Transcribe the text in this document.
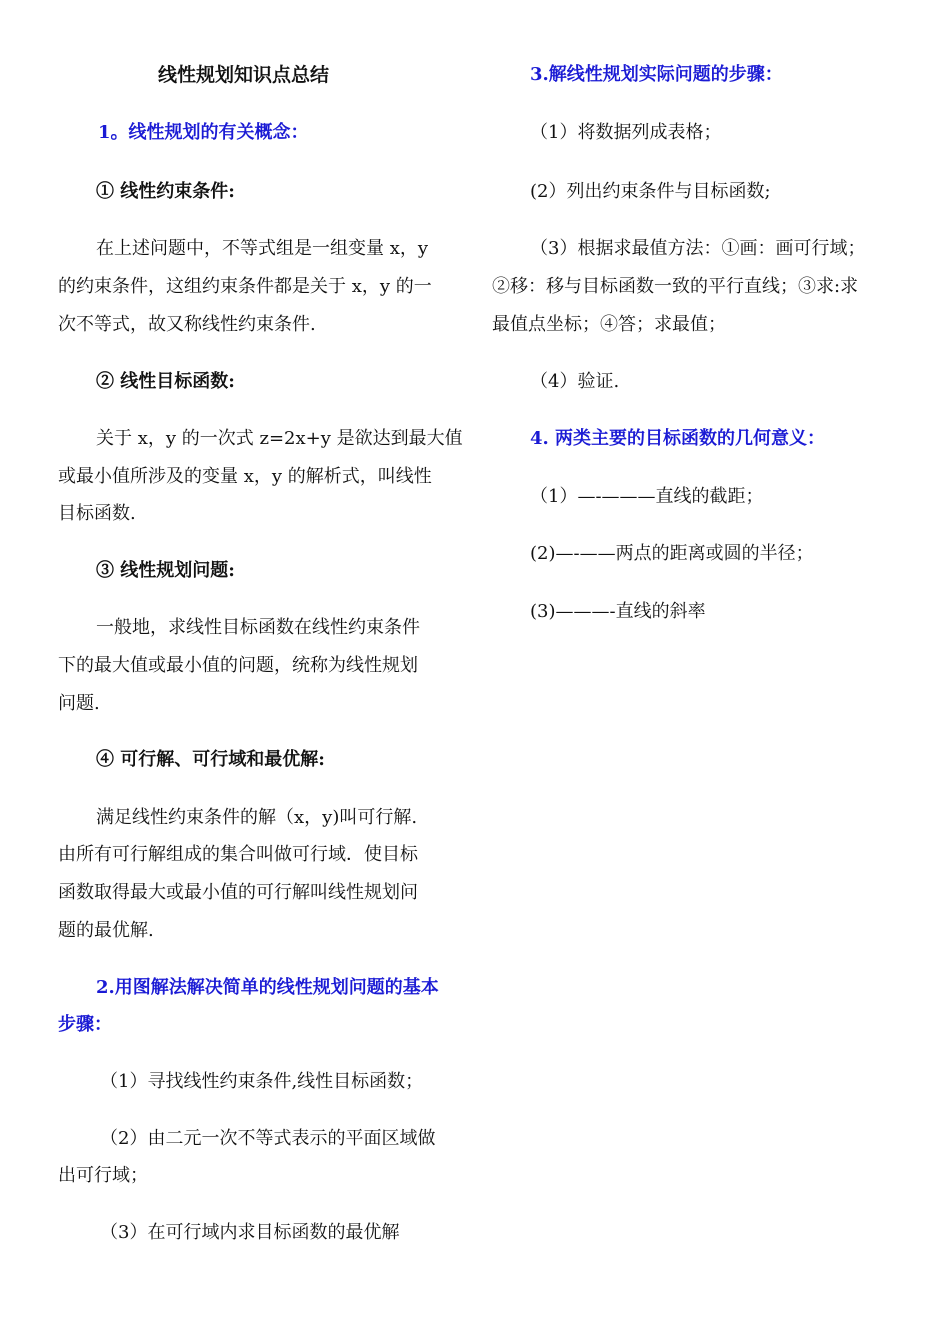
线性规划知识点总结
1。线性规划的有关概念：
① 线性约束条件:
在上述问题中，不等式组是一组变量 x，y
的约束条件，这组约束条件都是关于 x，y 的一
次不等式，故又称线性约束条件.
② 线性目标函数:
关于 x，y 的一次式 z=2x+y 是欲达到最大值
或最小值所涉及的变量 x，y 的解析式，叫线性
目标函数.
③ 线性规划问题:
一般地，求线性目标函数在线性约束条件
下的最大值或最小值的问题，统称为线性规划
问题.
④ 可行解、可行域和最优解:
满足线性约束条件的解（x，y)叫可行解.
由所有可行解组成的集合叫做可行域．使目标
函数取得最大或最小值的可行解叫线性规划问
题的最优解.
2.用图解法解决简单的线性规划问题的基本
步骤：
（1）寻找线性约束条件,线性目标函数；
（2）由二元一次不等式表示的平面区域做
出可行域；
（3）在可行域内求目标函数的最优解
3.解线性规划实际问题的步骤：
（1）将数据列成表格；
(2）列出约束条件与目标函数;
（3）根据求最值方法：①画：画可行域；
②移：移与目标函数一致的平行直线；③求:求
最值点坐标；④答；求最值；
（4）验证.
4. 两类主要的目标函数的几何意义：
（1）—-———直线的截距；
(2)—-——两点的距离或圆的半径；
(3)———-直线的斜率
